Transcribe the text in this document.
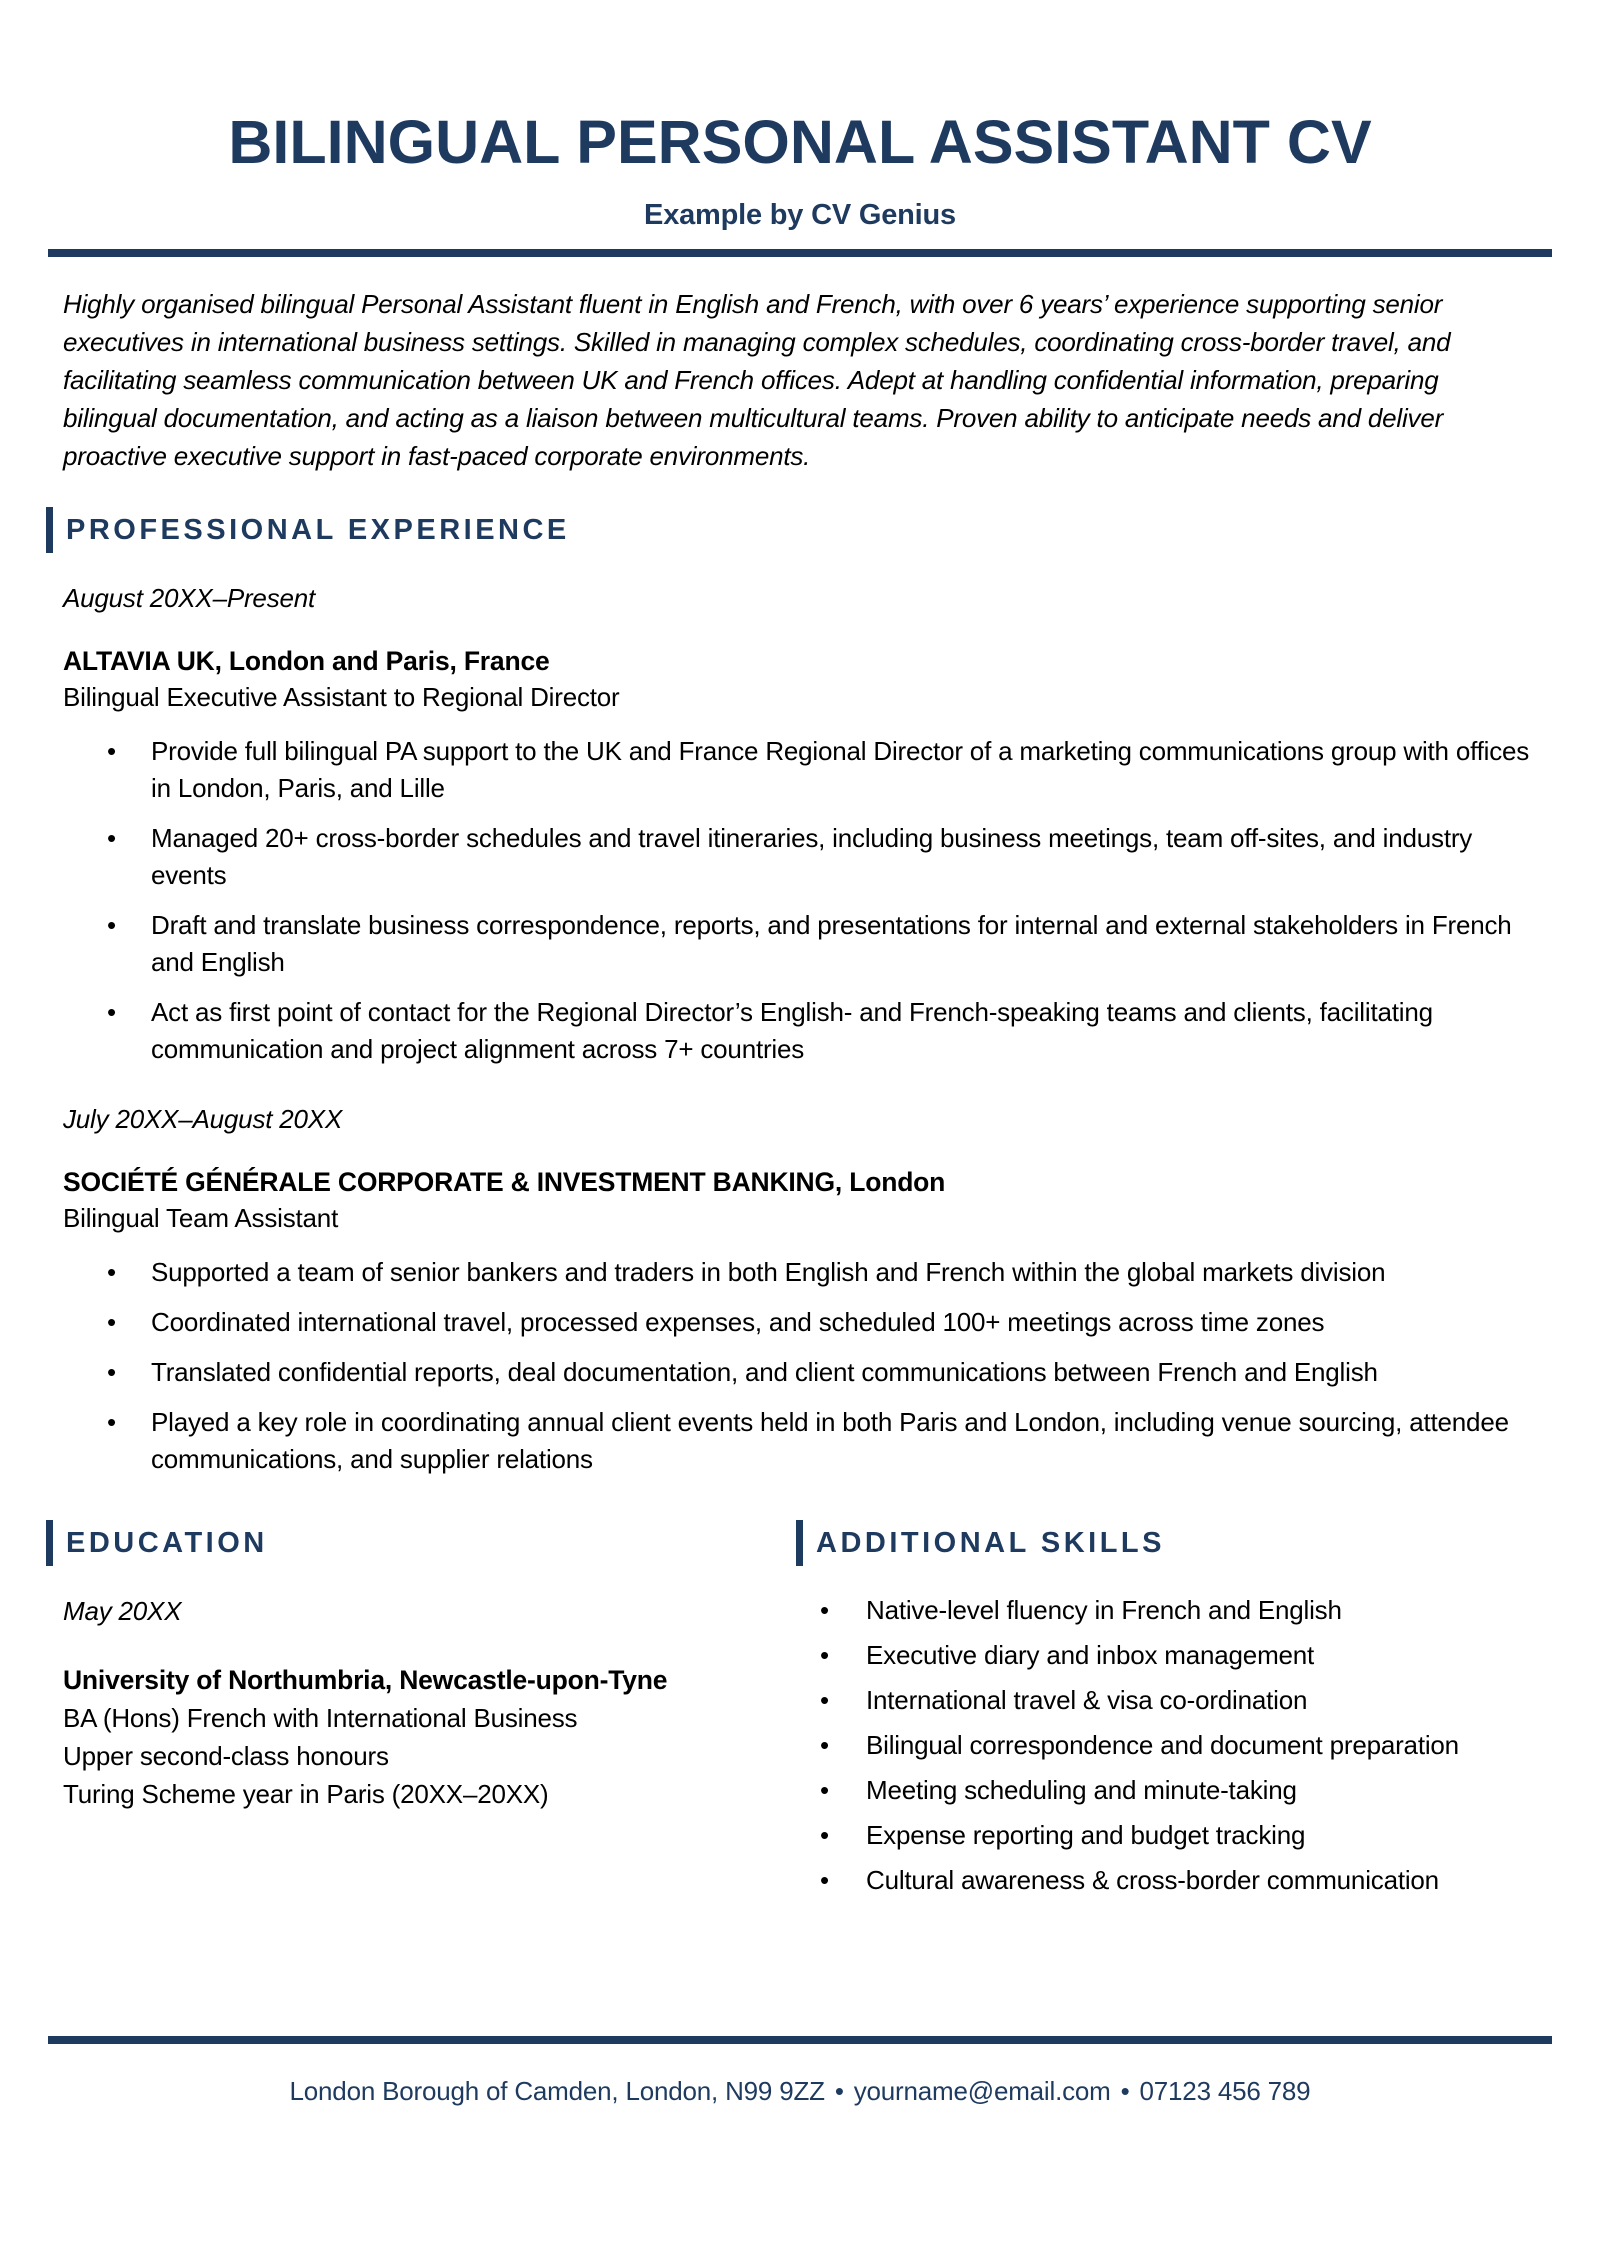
BILINGUAL PERSONAL ASSISTANT CV
Example by CV Genius
Highly organised bilingual Personal Assistant fluent in English and French, with over 6 years’ experience supporting senior executives in international business settings. Skilled in managing complex schedules, coordinating cross-border travel, and facilitating seamless communication between UK and French offices. Adept at handling confidential information, preparing bilingual documentation, and acting as a liaison between multicultural teams. Proven ability to anticipate needs and deliver proactive executive support in fast-paced corporate environments.
PROFESSIONAL EXPERIENCE
August 20XX–Present
ALTAVIA UK, London and Paris, France
Bilingual Executive Assistant to Regional Director
• Provide full bilingual PA support to the UK and France Regional Director of a marketing communications group with offices in London, Paris, and Lille
• Managed 20+ cross-border schedules and travel itineraries, including business meetings, team off-sites, and industry events
• Draft and translate business correspondence, reports, and presentations for internal and external stakeholders in French and English
• Act as first point of contact for the Regional Director’s English- and French-speaking teams and clients, facilitating communication and project alignment across 7+ countries
July 20XX–August 20XX
SOCIÉTÉ GÉNÉRALE CORPORATE & INVESTMENT BANKING, London
Bilingual Team Assistant
• Supported a team of senior bankers and traders in both English and French within the global markets division
• Coordinated international travel, processed expenses, and scheduled 100+ meetings across time zones
• Translated confidential reports, deal documentation, and client communications between French and English
• Played a key role in coordinating annual client events held in both Paris and London, including venue sourcing, attendee communications, and supplier relations
EDUCATION
May 20XX
University of Northumbria, Newcastle-upon-Tyne
BA (Hons) French with International Business
Upper second-class honours
Turing Scheme year in Paris (20XX–20XX)
ADDITIONAL SKILLS
• Native-level fluency in French and English
• Executive diary and inbox management
• International travel & visa co-ordination
• Bilingual correspondence and document preparation
• Meeting scheduling and minute-taking
• Expense reporting and budget tracking
• Cultural awareness & cross-border communication
London Borough of Camden, London, N99 9ZZ • yourname@email.com • 07123 456 789
